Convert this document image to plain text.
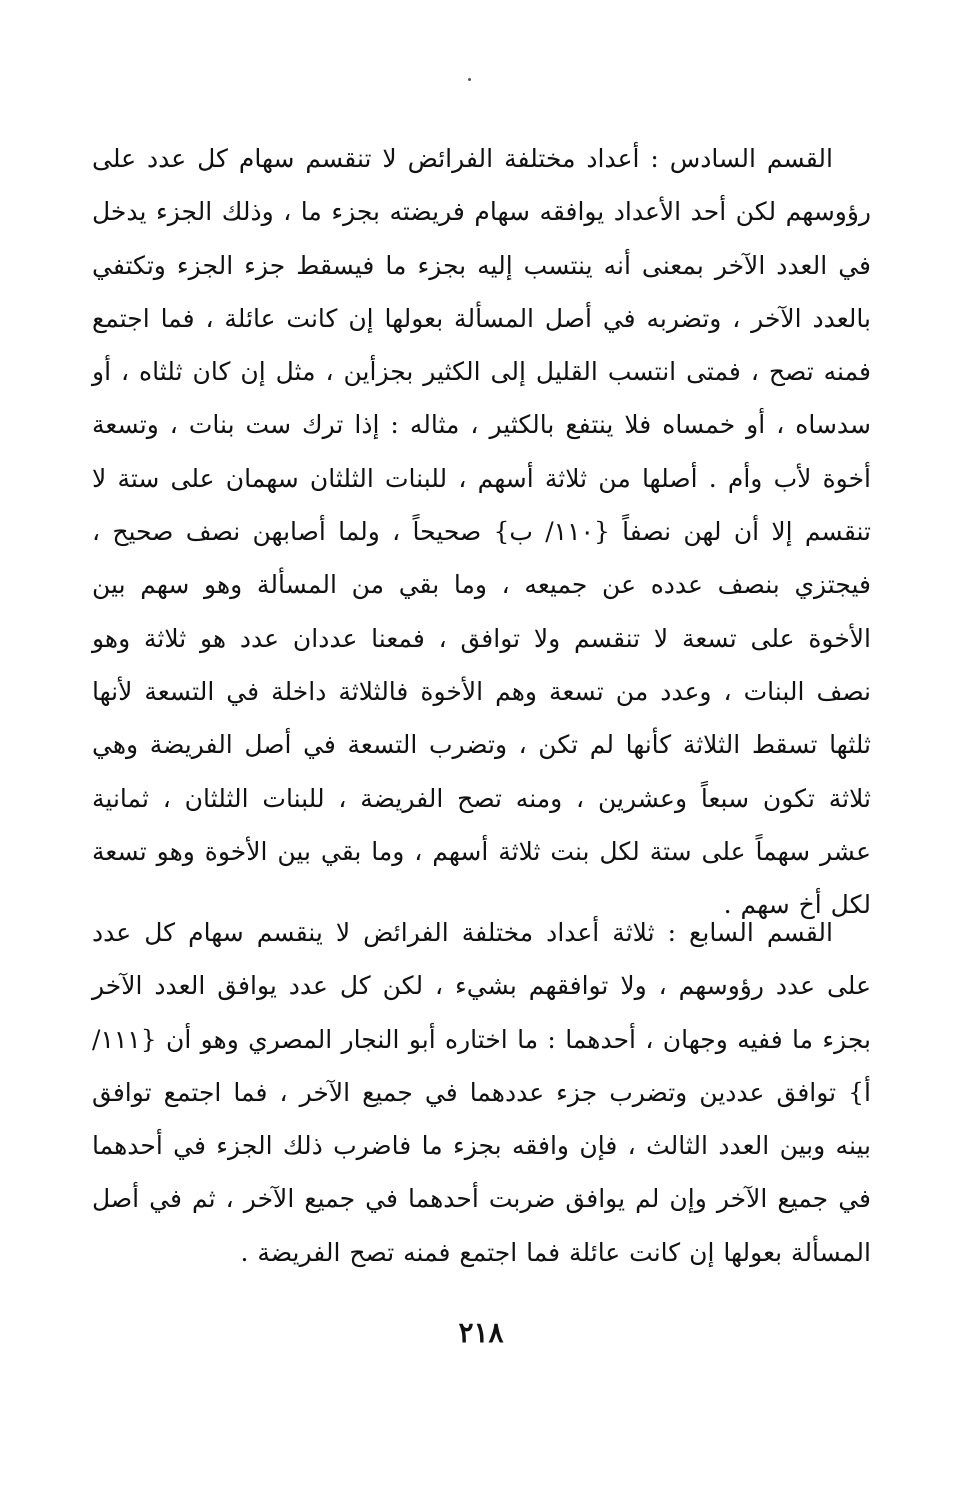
القسم السادس : أعداد مختلفة الفرائض لا تنقسم سهام كل عدد على رؤوسهم لكن أحد الأعداد يوافقه سهام فريضته بجزء ما ، وذلك الجزء يدخل في العدد الآخر بمعنى أنه ينتسب إليه بجزء ما فيسقط جزء الجزء وتكتفي بالعدد الآخر ، وتضربه في أصل المسألة بعولها إن كانت عائلة ، فما اجتمع فمنه تصح ، فمتى انتسب القليل إلى الكثير بجزأين ، مثل إن كان ثلثاه ، أو سدساه ، أو خمساه فلا ينتفع بالكثير ، مثاله : إذا ترك ست بنات ، وتسعة أخوة لأب وأم . أصلها من ثلاثة أسهم ، للبنات الثلثان سهمان على ستة لا تنقسم إلا أن لهن نصفاً {١١٠/ ب} صحيحاً ، ولما أصابهن نصف صحيح ، فيجتزي بنصف عدده عن جميعه ، وما بقي من المسألة وهو سهم بين الأخوة على تسعة لا تنقسم ولا توافق ، فمعنا عددان عدد هو ثلاثة وهو نصف البنات ، وعدد من تسعة وهم الأخوة فالثلاثة داخلة في التسعة لأنها ثلثها تسقط الثلاثة كأنها لم تكن ، وتضرب التسعة في أصل الفريضة وهي ثلاثة تكون سبعاً وعشرين ، ومنه تصح الفريضة ، للبنات الثلثان ، ثمانية عشر سهماً على ستة لكل بنت ثلاثة أسهم ، وما بقي بين الأخوة وهو تسعة لكل أخ سهم .

القسم السابع : ثلاثة أعداد مختلفة الفرائض لا ينقسم سهام كل عدد على عدد رؤوسهم ، ولا توافقهم بشيء ، لكن كل عدد يوافق العدد الآخر بجزء ما ففيه وجهان ، أحدهما : ما اختاره أبو النجار المصري وهو أن {١١١/ أ} توافق عددين وتضرب جزء عددهما في جميع الآخر ، فما اجتمع توافق بينه وبين العدد الثالث ، فإن وافقه بجزء ما فاضرب ذلك الجزء في أحدهما في جميع الآخر وإن لم يوافق ضربت أحدهما في جميع الآخر ، ثم في أصل المسألة بعولها إن كانت عائلة فما اجتمع فمنه تصح الفريضة .

٢١٨
